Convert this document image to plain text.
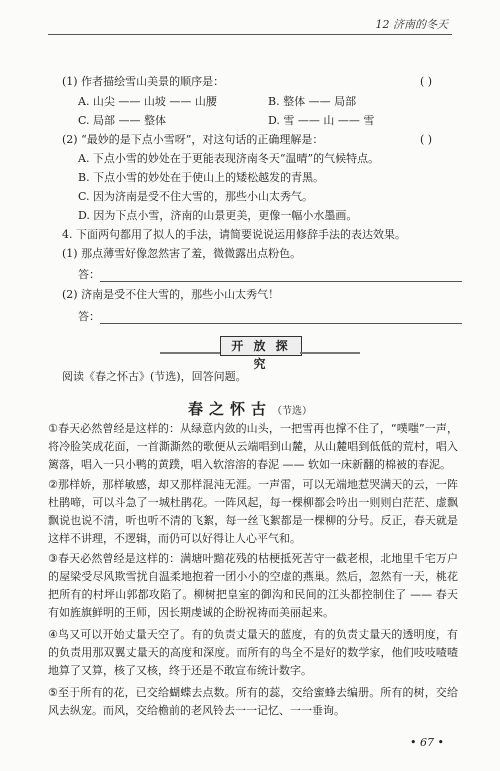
12 济南的冬天
(1) 作者描绘雪山美景的顺序是：	( )
A. 山尖 —— 山坡 —— 山腰	B. 整体 —— 局部
C. 局部 —— 整体	D. 雪 —— 山 —— 雪
(2) “最妙的是下点小雪呀”，对这句话的正确理解是：	( )
A. 下点小雪的妙处在于更能表现济南冬天“温晴”的气候特点。
B. 下点小雪的妙处在于使山上的矮松越发的青黑。
C. 因为济南是受不住大雪的，那些小山太秀气。
D. 因为下点小雪，济南的山景更美，更像一幅小水墨画。
4. 下面两句都用了拟人的手法，请简要说说运用修辞手法的表达效果。
(1) 那点薄雪好像忽然害了羞，微微露出点粉色。
答：
(2) 济南是受不住大雪的，那些小山太秀气！
答：
开 放 探 究
阅读《春之怀古》(节选)，回答问题。
春之怀古（节选）
①春天必然曾经是这样的：从绿意内敛的山头，一把雪再也撑不住了，“噗嗤”一声，将冷脸笑成花面，一首澌澌然的歌便从云端唱到山麓，从山麓唱到低低的荒村，唱入篱落，唱入一只小鸭的黄蹼，唱入软溶溶的春泥 —— 软如一床新翻的棉被的春泥。
②那样娇，那样敏感，却又那样混沌无涯。一声雷，可以无端地惹哭满天的云，一阵杜鹃啼，可以斗急了一城杜鹃花。一阵风起，每一棵柳都会吟出一则则白茫茫、虚飘飘说也说不清，听也听不清的飞絮，每一丝飞絮都是一棵柳的分号。反正，春天就是这样不讲理，不逻辑，而仍可以好得让人心平气和。
③春天必然曾经是这样的：满塘叶黯花残的枯梗抵死苦守一截老根，北地里千宅万户的屋梁受尽风欺雪扰自温柔地抱着一团小小的空虚的燕巢。然后，忽然有一天，桃花把所有的村坪山郭都攻陷了。柳树把皇室的御沟和民间的江头都控制住了 —— 春天有如旌旗鲜明的王师，因长期虔诚的企盼祝祷而美丽起来。
④鸟又可以开始丈量天空了。有的负责丈量天的蓝度，有的负责丈量天的透明度，有的负责用那双翼丈量天的高度和深度。而所有的鸟全不是好的数学家，他们吱吱喳喳地算了又算，核了又核，终于还是不敢宣布统计数字。
⑤至于所有的花，已交给蝴蝶去点数。所有的蕊，交给蜜蜂去编册。所有的树，交给风去纵宠。而风，交给檐前的老风铃去一一记忆、一一垂询。
• 67 •
